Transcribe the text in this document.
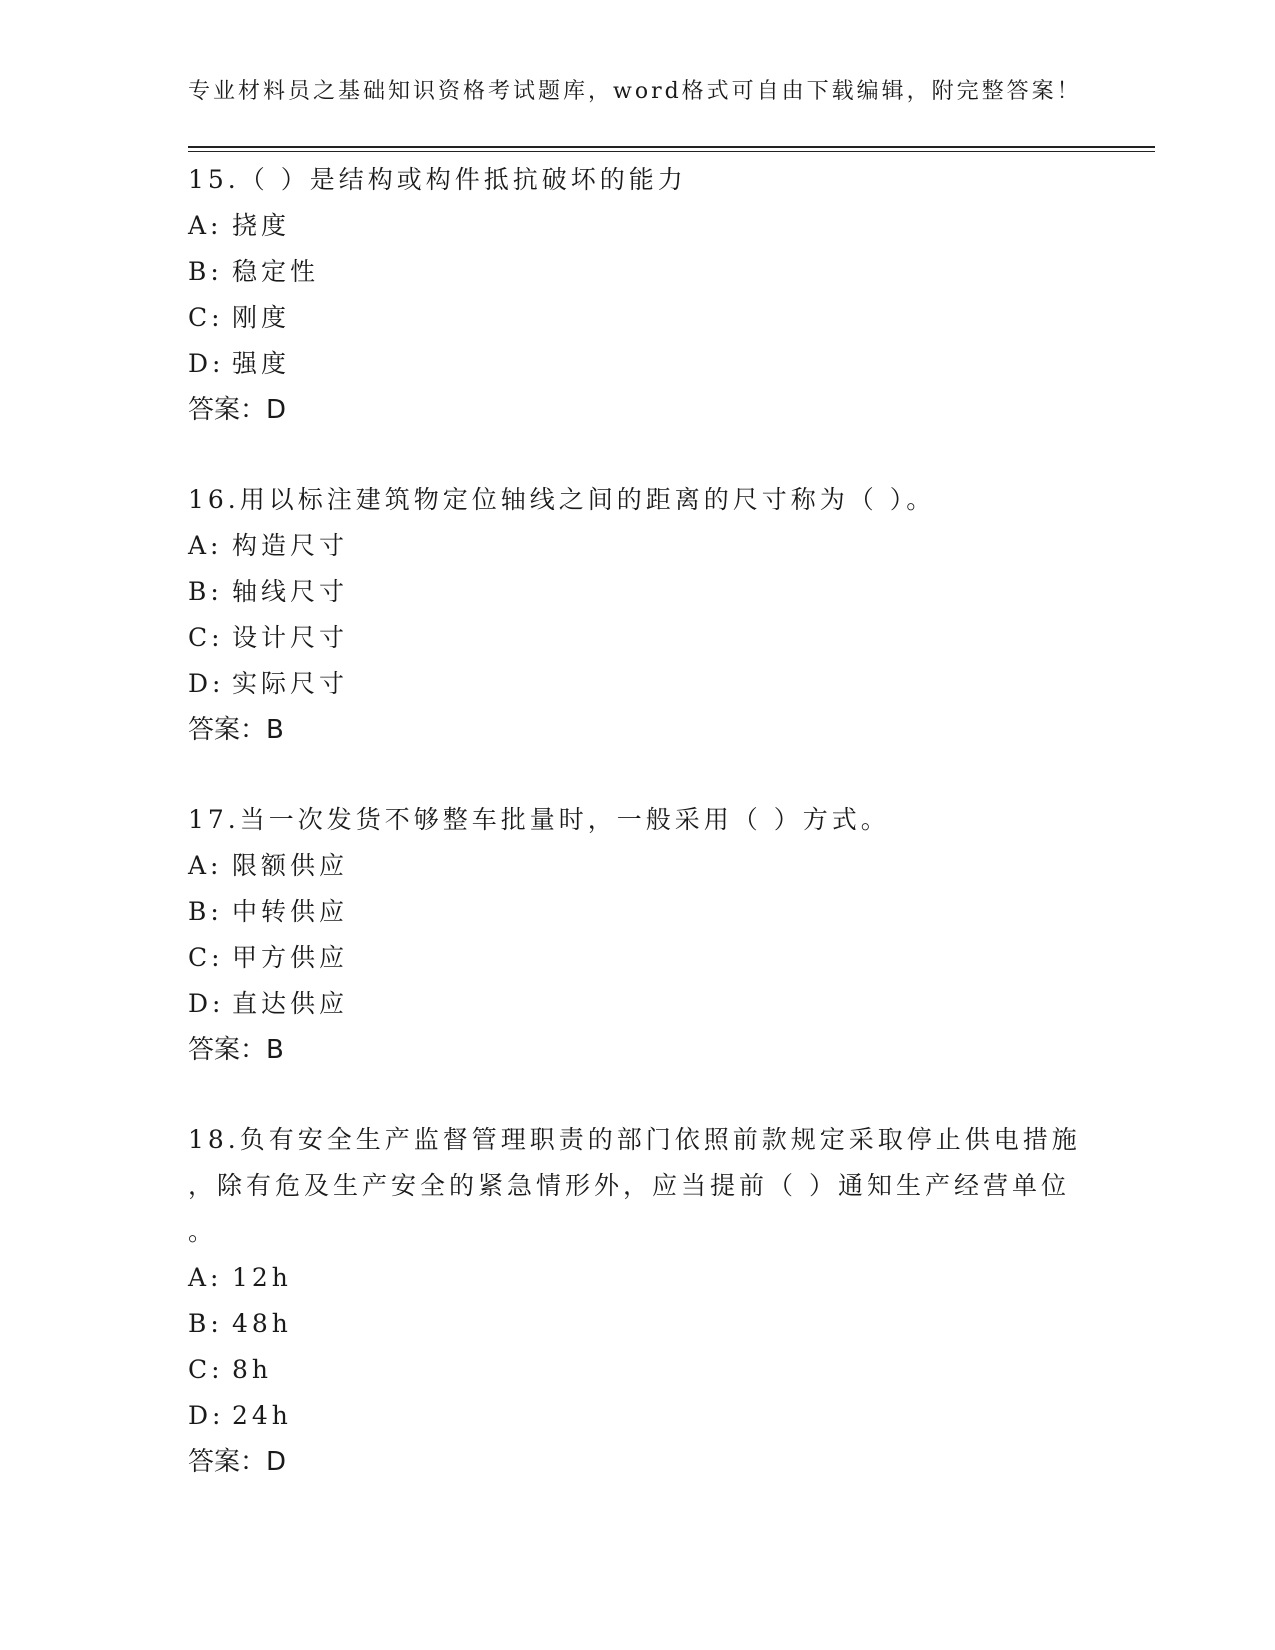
专业材料员之基础知识资格考试题库，word格式可自由下载编辑，附完整答案！
15.（ ）是结构或构件抵抗破坏的能力
A: 挠度
B: 稳定性
C: 刚度
D: 强度
答案：D
16.用以标注建筑物定位轴线之间的距离的尺寸称为（ ）。
A: 构造尺寸
B: 轴线尺寸
C: 设计尺寸
D: 实际尺寸
答案：B
17.当一次发货不够整车批量时，一般采用（ ）方式。
A: 限额供应
B: 中转供应
C: 甲方供应
D: 直达供应
答案：B
18.负有安全生产监督管理职责的部门依照前款规定采取停止供电措施
，除有危及生产安全的紧急情形外，应当提前（ ）通知生产经营单位
。
A: 12h
B: 48h
C: 8h
D: 24h
答案：D
